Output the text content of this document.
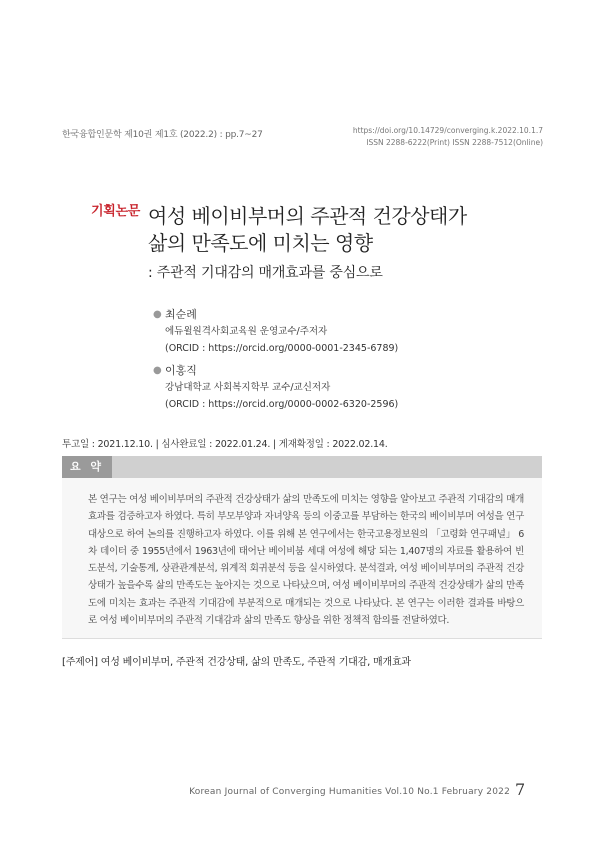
한국융합인문학 제10권 제1호 (2022.2) : pp.7~27	https://doi.org/10.14729/converging.k.2022.10.1.7
ISSN 2288-6222(Print) ISSN 2288-7512(Online)
기획논문 여성 베이비부머의 주관적 건강상태가
삶의 만족도에 미치는 영향
: 주관적 기대감의 매개효과를 중심으로
● 최순례
에듀윌원격사회교육원 운영교수/주저자
(ORCID : https://orcid.org/0000-0001-2345-6789)
● 이홍직
강남대학교 사회복지학부 교수/교신저자
(ORCID : https://orcid.org/0000-0002-6320-2596)
투고일 : 2021.12.10. | 심사완료일 : 2022.01.24. | 게재확정일 : 2022.02.14.
요 약
본 연구는 여성 베이비부머의 주관적 건강상태가 삶의 만족도에 미치는 영향을 알아보고 주관적 기대감의 매개효과를 검증하고자 하였다. 특히 부모부양과 자녀양육 등의 이중고를 부담하는 한국의 베이비부머 여성을 연구대상으로 하여 논의를 진행하고자 하였다. 이를 위해 본 연구에서는 한국고용정보원의 「고령화 연구패널」 6차 데이터 중 1955년에서 1963년에 태어난 베이비붐 세대 여성에 해당 되는 1,407명의 자료를 활용하여 빈도분석, 기술통계, 상관관계분석, 위계적 회귀분석 등을 실시하였다. 분석결과, 여성 베이비부머의 주관적 건강상태가 높을수록 삶의 만족도는 높아지는 것으로 나타났으며, 여성 베이비부머의 주관적 건강상태가 삶의 만족도에 미치는 효과는 주관적 기대감에 부분적으로 매개되는 것으로 나타났다. 본 연구는 이러한 결과를 바탕으로 여성 베이비부머의 주관적 기대감과 삶의 만족도 향상을 위한 정책적 함의를 전달하였다.
[주제어] 여성 베이비부머, 주관적 건강상태, 삶의 만족도, 주관적 기대감, 매개효과
Korean Journal of Converging Humanities Vol.10 No.1 February 2022 7
